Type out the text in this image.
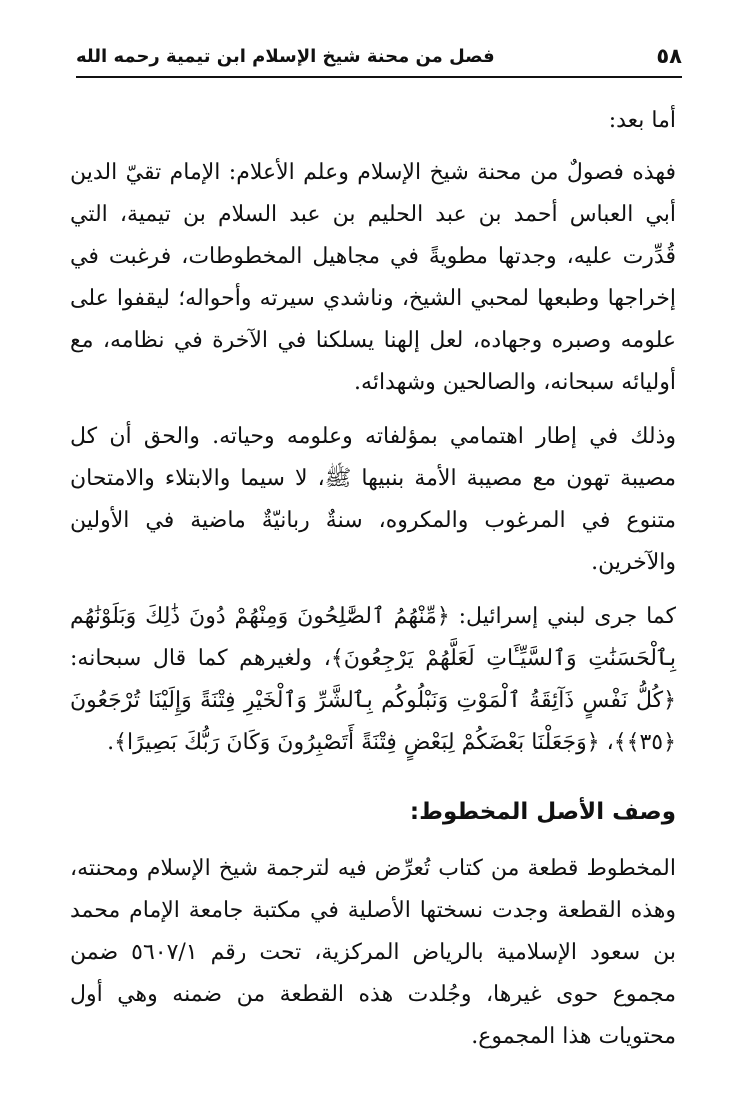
٥٨
فصل من محنة شيخ الإسلام ابن تيمية رحمه الله
أما بعد:

فهذه فصولٌ من محنة شيخ الإسلام وعلم الأعلام: الإمام تقيّ الدين أبي العباس أحمد بن عبد الحليم بن عبد السلام بن تيمية، التي قُدِّرت عليه، وجدتها مطويةً في مجاهيل المخطوطات، فرغبت في إخراجها وطبعها لمحبي الشيخ، وناشدي سيرته وأحواله؛ ليقفوا على علومه وصبره وجهاده، لعل إلهنا يسلكنا في الآخرة في نظامه، مع أوليائه سبحانه، والصالحين وشهدائه.

وذلك في إطار اهتمامي بمؤلفاته وعلومه وحياته. والحق أن كل مصيبة تهون مع مصيبة الأمة بنبيها ﷺ، لا سيما والابتلاء والامتحان متنوع في المرغوب والمكروه، سنةٌ ربانيّةٌ ماضية في الأولين والآخرين.

كما جرى لبني إسرائيل: ﴿مِّنْهُمُ ٱلصَّٰلِحُونَ وَمِنْهُمْ دُونَ ذَٰلِكَ وَبَلَوْنَٰهُم بِٱلْحَسَنَٰتِ وَٱلسَّيِّـَٔاتِ لَعَلَّهُمْ يَرْجِعُونَ﴾، ولغيرهم كما قال سبحانه: ﴿كُلُّ نَفْسٍ ذَآئِقَةُ ٱلْمَوْتِ وَنَبْلُوكُم بِٱلشَّرِّ وَٱلْخَيْرِ فِتْنَةً وَإِلَيْنَا تُرْجَعُونَ ﴿٣٥﴾﴾، ﴿وَجَعَلْنَا بَعْضَكُمْ لِبَعْضٍ فِتْنَةً أَتَصْبِرُونَ وَكَانَ رَبُّكَ بَصِيرًا﴾.

وصف الأصل المخطوط:

المخطوط قطعة من كتاب تُعرِّض فيه لترجمة شيخ الإسلام ومحنته، وهذه القطعة وجدت نسختها الأصلية في مكتبة جامعة الإمام محمد بن سعود الإسلامية بالرياض المركزية، تحت رقم ٥٦٠٧/١ ضمن مجموع حوى غيرها، وجُلدت هذه القطعة من ضمنه وهي أول محتويات هذا المجموع.
